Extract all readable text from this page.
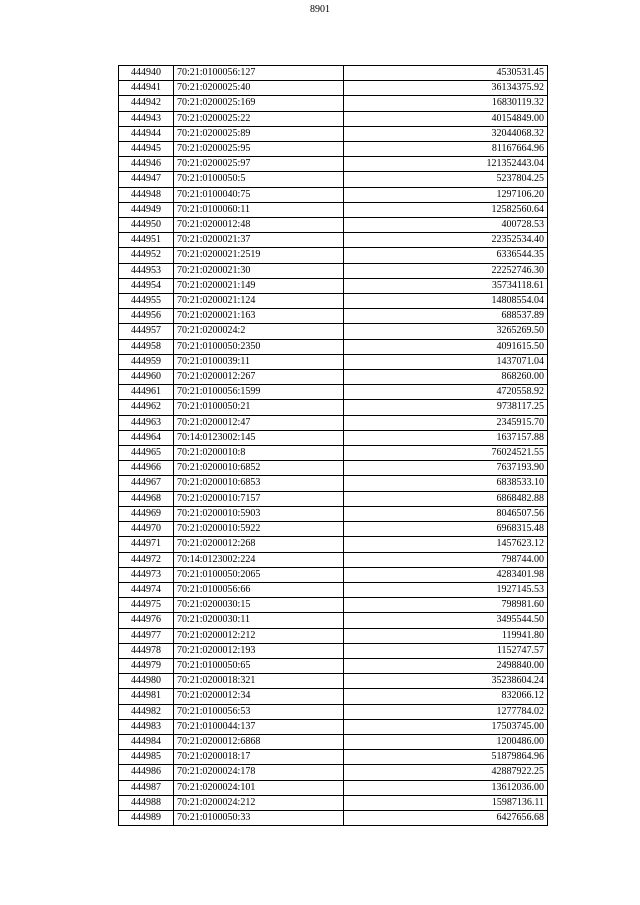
8901
444940	70:21:0100056:127	4530531.45
444941	70:21:0200025:40	36134375.92
444942	70:21:0200025:169	16830119.32
444943	70:21:0200025:22	40154849.00
444944	70:21:0200025:89	32044068.32
444945	70:21:0200025:95	81167664.96
444946	70:21:0200025:97	121352443.04
444947	70:21:0100050:5	5237804.25
444948	70:21:0100040:75	1297106.20
444949	70:21:0100060:11	12582560.64
444950	70:21:0200012:48	400728.53
444951	70:21:0200021:37	22352534.40
444952	70:21:0200021:2519	6336544.35
444953	70:21:0200021:30	22252746.30
444954	70:21:0200021:149	35734118.61
444955	70:21:0200021:124	14808554.04
444956	70:21:0200021:163	688537.89
444957	70:21:0200024:2	3265269.50
444958	70:21:0100050:2350	4091615.50
444959	70:21:0100039:11	1437071.04
444960	70:21:0200012:267	868260.00
444961	70:21:0100056:1599	4720558.92
444962	70:21:0100050:21	9738117.25
444963	70:21:0200012:47	2345915.70
444964	70:14:0123002:145	1637157.88
444965	70:21:0200010:8	76024521.55
444966	70:21:0200010:6852	7637193.90
444967	70:21:0200010:6853	6838533.10
444968	70:21:0200010:7157	6868482.88
444969	70:21:0200010:5903	8046507.56
444970	70:21:0200010:5922	6968315.48
444971	70:21:0200012:268	1457623.12
444972	70:14:0123002:224	798744.00
444973	70:21:0100050:2065	4283401.98
444974	70:21:0100056:66	1927145.53
444975	70:21:0200030:15	798981.60
444976	70:21:0200030:11	3495544.50
444977	70:21:0200012:212	119941.80
444978	70:21:0200012:193	1152747.57
444979	70:21:0100050:65	2498840.00
444980	70:21:0200018:321	35238604.24
444981	70:21:0200012:34	832066.12
444982	70:21:0100056:53	1277784.02
444983	70:21:0100044:137	17503745.00
444984	70:21:0200012:6868	1200486.00
444985	70:21:0200018:17	51879864.96
444986	70:21:0200024:178	42887922.25
444987	70:21:0200024:101	13612036.00
444988	70:21:0200024:212	15987136.11
444989	70:21:0100050:33	6427656.68
